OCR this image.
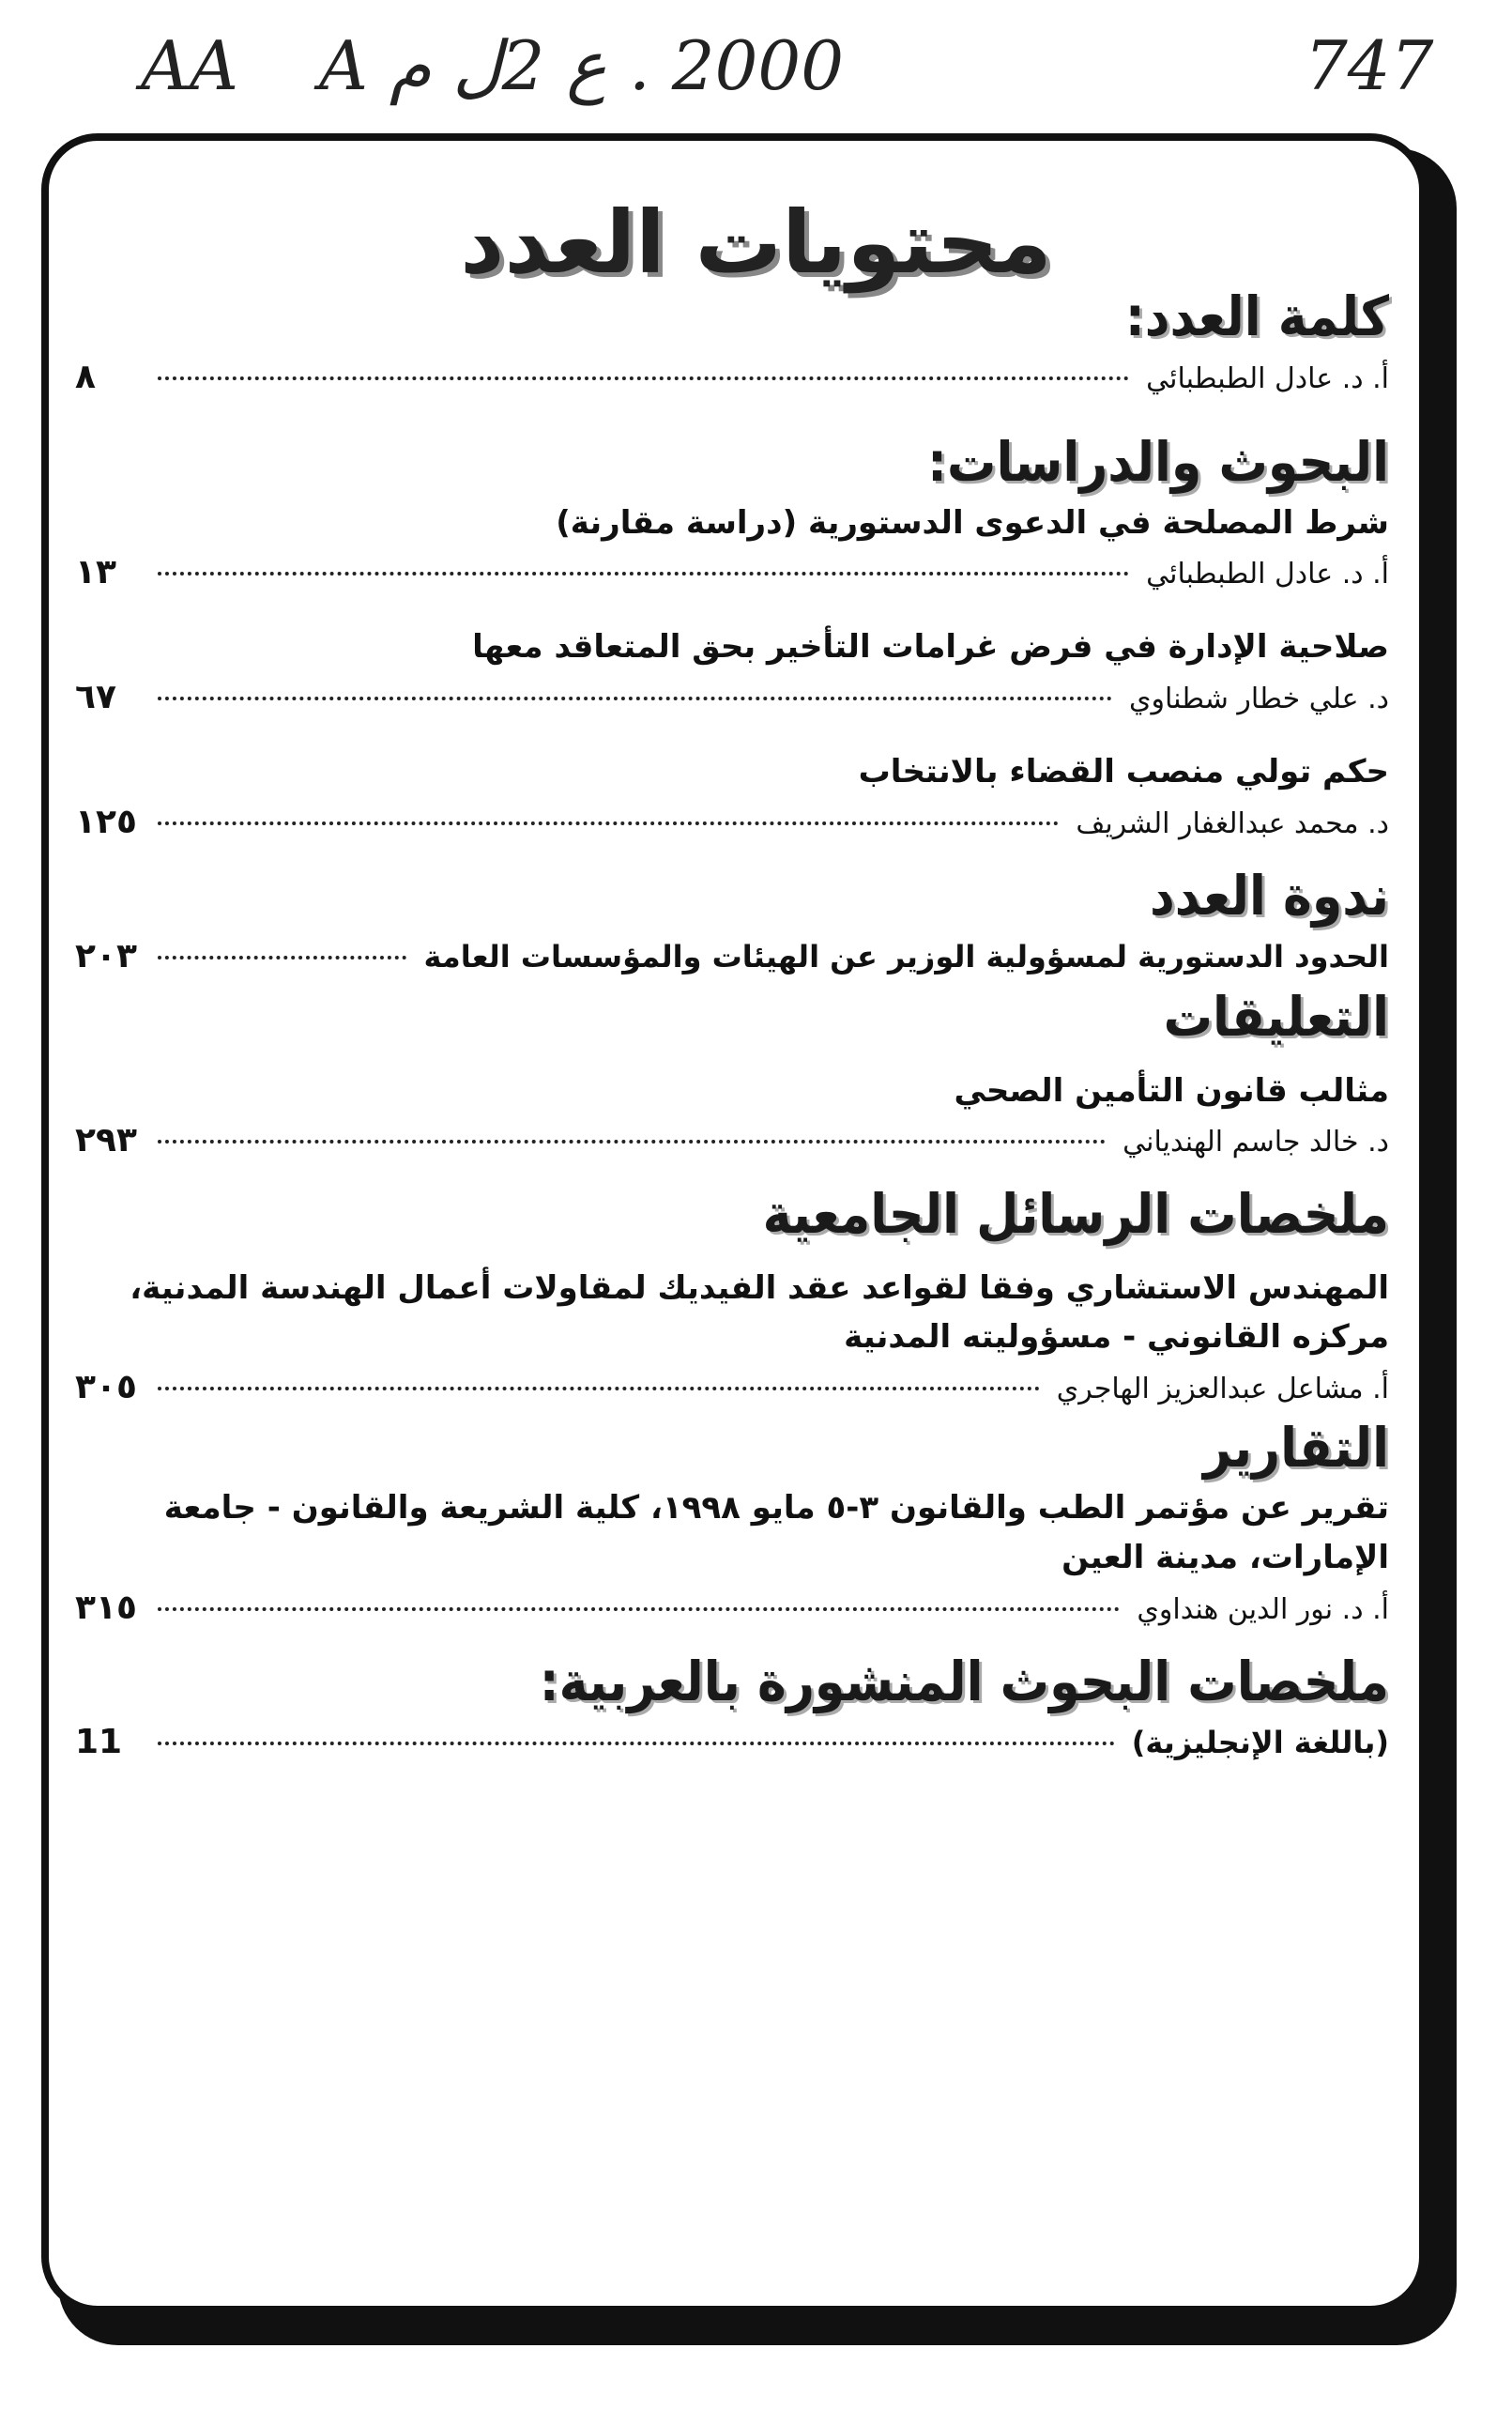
AA A ع 2ل م . 2000	747
محتويات العدد
كلمة العدد:
أ. د. عادل الطبطبائي
٨
البحوث والدراسات:

شرط المصلحة في الدعوى الدستورية (دراسة مقارنة)

أ. د. عادل الطبطبائي
١٣

صلاحية الإدارة في فرض غرامات التأخير بحق المتعاقد معها

د. علي خطار شطناوي
٦٧

حكم تولي منصب القضاء بالانتخاب

د. محمد عبدالغفار الشريف
١٢٥
ندوة العدد
الحدود الدستورية لمسؤولية الوزير عن الهيئات والمؤسسات العامة
٢٠٣
التعليقات

مثالب قانون التأمين الصحي

د. خالد جاسم الهندياني
٢٩٣
ملخصات الرسائل الجامعية

المهندس الاستشاري وفقا لقواعد عقد الفيديك لمقاولات أعمال الهندسة المدنية، مركزه القانوني - مسؤوليته المدنية

أ. مشاعل عبدالعزيز الهاجري
٣٠٥
التقارير

تقرير عن مؤتمر الطب والقانون ٣-٥ مايو ١٩٩٨، كلية الشريعة والقانون - جامعة الإمارات، مدينة العين

أ. د. نور الدين هنداوي
٣١٥
ملخصات البحوث المنشورة بالعربية:
(باللغة الإنجليزية)
11
